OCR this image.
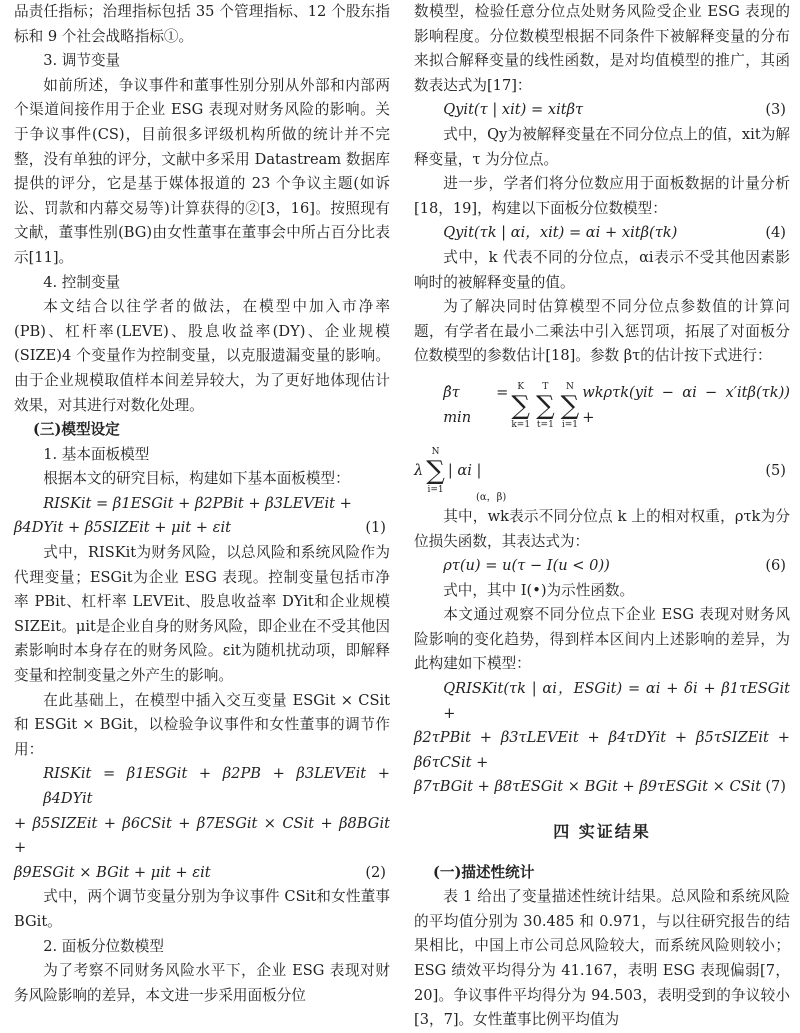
品责任指标；治理指标包括 35 个管理指标、12 个股东指标和 9 个社会战略指标①。

3. 调节变量

如前所述，争议事件和董事性别分别从外部和内部两个渠道间接作用于企业 ESG 表现对财务风险的影响。关于争议事件(CS)，目前很多评级机构所做的统计并不完整，没有单独的评分，文献中多采用 Datastream 数据库提供的评分，它是基于媒体报道的 23 个争议主题(如诉讼、罚款和内幕交易等)计算获得的②[3，16]。按照现有文献，董事性别(BG)由女性董事在董事会中所占百分比表示[11]。

4. 控制变量

本文结合以往学者的做法，在模型中加入市净率(PB)、杠杆率(LEVE)、股息收益率(DY)、企业规模(SIZE)4 个变量作为控制变量，以克服遗漏变量的影响。由于企业规模取值样本间差异较大，为了更好地体现估计效果，对其进行对数化处理。

(三)模型设定

1. 基本面板模型

根据本文的研究目标，构建如下基本面板模型：

RISKit = β1ESGit + β2PBit + β3LEVEit +
β4DYit + β5SIZEit + μit + εit	(1)

式中，RISKit为财务风险，以总风险和系统风险作为代理变量；ESGit为企业 ESG 表现。控制变量包括市净率 PBit、杠杆率 LEVEit、股息收益率 DYit和企业规模 SIZEit。μit是企业自身的财务风险，即企业在不受其他因素影响时本身存在的财务风险。εit为随机扰动项，即解释变量和控制变量之外产生的影响。

在此基础上，在模型中插入交互变量 ESGit × CSit和 ESGit × BGit，以检验争议事件和女性董事的调节作用：

RISKit = β1ESGit + β2PB + β3LEVEit + β4DYit
+ β5SIZEit + β6CSit + β7ESGit × CSit + β8BGit +
β9ESGit × BGit + μit + εit	(2)

式中，两个调节变量分别为争议事件 CSit和女性董事 BGit。

2. 面板分位数模型

为了考察不同财务风险水平下，企业 ESG 表现对财务风险影响的差异，本文进一步采用面板分位

数模型，检验任意分位点处财务风险受企业 ESG 表现的影响程度。分位数模型根据不同条件下被解释变量的分布来拟合解释变量的线性函数，是对均值模型的推广，其函数表达式为[17]：

Qyit(τ | xit) = xitβτ	(3)

式中，Qy为被解释变量在不同分位点上的值，xit为解释变量，τ 为分位点。

进一步，学者们将分位数应用于面板数据的计量分析[18，19]，构建以下面板分位数模型：

Qyit(τk | αi，xit) = αi + xitβ(τk)	(4)

式中，k 代表不同的分位点，αi表示不受其他因素影响时的被解释变量的值。

为了解决同时估算模型不同分位点参数值的计算问题，有学者在最小二乘法中引入惩罚项，拓展了对面板分位数模型的参数估计[18]。参数 βτ的估计按下式进行：

β̂τ = min
K
∑
k=1
T
∑
t=1
N
∑
i=1
wkρτk(yit − αi − x′itβ(τk)) +
λ
N
∑
i=1
| αi |	(5)
(α，β)

其中，wk表示不同分位点 k 上的相对权重，ρτk为分位损失函数，其表达式为：

ρτ(u) = u(τ − I(u < 0))	(6)

式中，其中 I(•)为示性函数。

本文通过观察不同分位点下企业 ESG 表现对财务风险影响的变化趋势，得到样本区间内上述影响的差异，为此构建如下模型：

QRISKit(τk | αi，ESGit) = αi + δi + β1τESGit +
β2τPBit + β3τLEVEit + β4τDYit + β5τSIZEit + β6τCSit +
β7τBGit + β8τESGit × BGit + β9τESGit × CSit (7)
四 实证结果

(一)描述性统计

表 1 给出了变量描述性统计结果。总风险和系统风险的平均值分别为 30.485 和 0.971，与以往研究报告的结果相比，中国上市公司总风险较大，而系统风险则较小；ESG 绩效平均得分为 41.167，表明 ESG 表现偏弱[7，20]。争议事件平均得分为 94.503，表明受到的争议较小[3，7]。女性董事比例平均值为
